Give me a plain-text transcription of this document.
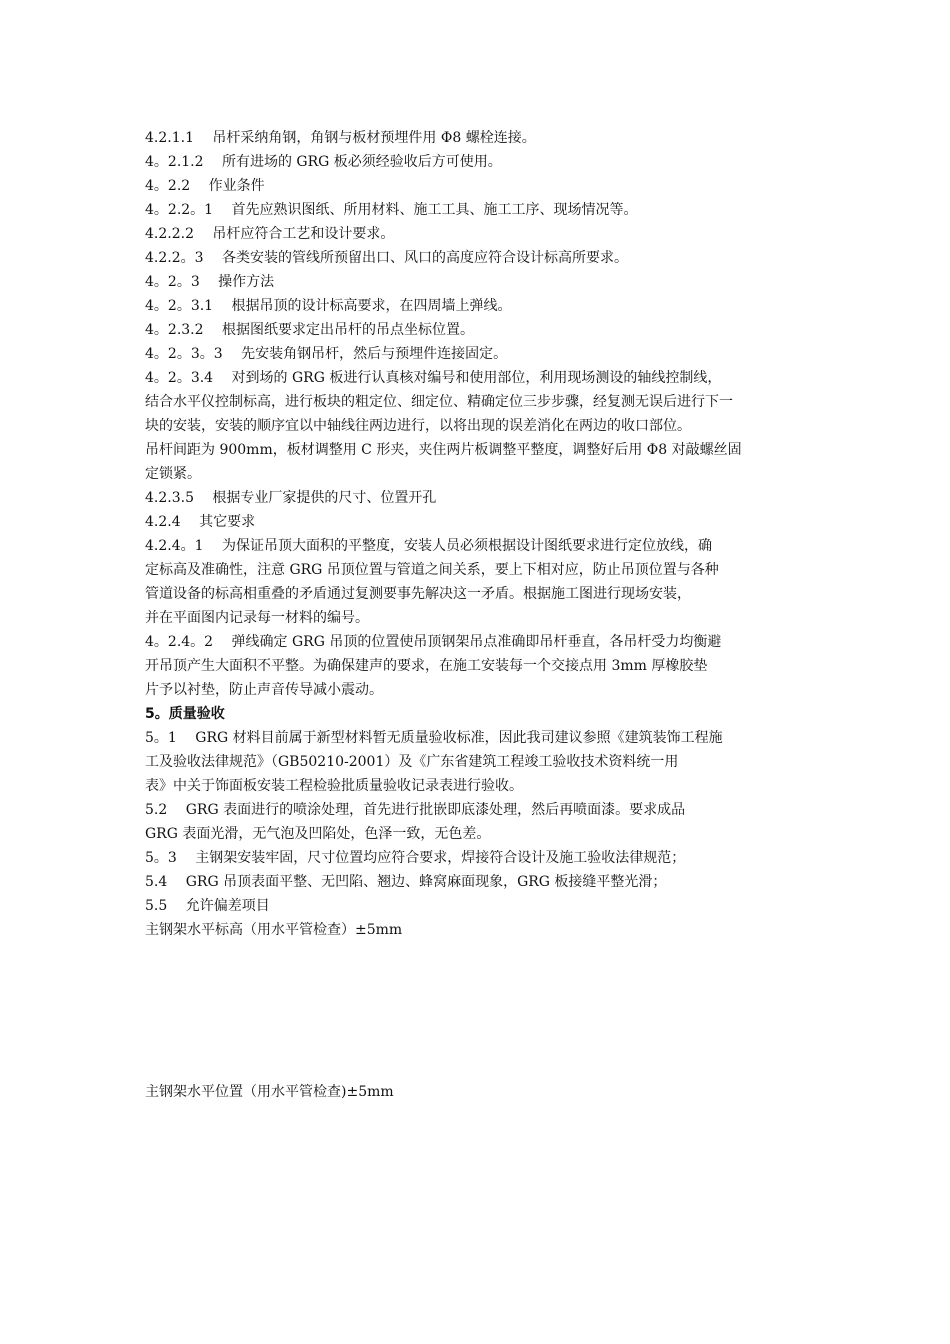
4.2.1.1　 吊杆采纳角钢，角钢与板材预埋件用 Φ8 螺栓连接。
4。2.1.2　 所有进场的 GRG 板必须经验收后方可使用。
4。2.2　 作业条件
4。2.2。1　 首先应熟识图纸、所用材料、施工工具、施工工序、现场情况等。
4.2.2.2　 吊杆应符合工艺和设计要求。
4.2.2。3　 各类安装的管线所预留出口、风口的高度应符合设计标高所要求。
4。2。3　 操作方法
4。2。3.1　 根据吊顶的设计标高要求，在四周墙上弹线。
4。2.3.2　 根据图纸要求定出吊杆的吊点坐标位置。
4。2。3。3　 先安装角钢吊杆，然后与预埋件连接固定。
4。2。3.4　 对到场的 GRG 板进行认真核对编号和使用部位，利用现场测设的轴线控制线，
结合水平仪控制标高，进行板块的粗定位、细定位、精确定位三步步骤，经复测无误后进行下一
块的安装，安装的顺序宜以中轴线往两边进行，以将出现的误差消化在两边的收口部位。
吊杆间距为 900mm，板材调整用 C 形夹，夹住两片板调整平整度，调整好后用 Φ8 对敲螺丝固
定锁紧。
4.2.3.5　 根据专业厂家提供的尺寸、位置开孔
4.2.4　 其它要求
4.2.4。1　 为保证吊顶大面积的平整度，安装人员必须根据设计图纸要求进行定位放线，确
定标高及准确性，注意 GRG 吊顶位置与管道之间关系，要上下相对应，防止吊顶位置与各种
管道设备的标高相重叠的矛盾通过复测要事先解决这一矛盾。根据施工图进行现场安装，
并在平面图内记录每一材料的编号。
4。2.4。2　 弹线确定 GRG 吊顶的位置使吊顶钢架吊点准确即吊杆垂直，各吊杆受力均衡避
开吊顶产生大面积不平整。为确保建声的要求，在施工安装每一个交接点用 3mm 厚橡胶垫
片予以衬垫，防止声音传导减小震动。
5。质量验收
5。1　 GRG 材料目前属于新型材料暂无质量验收标准，因此我司建议参照《建筑装饰工程施
工及验收法律规范》（GB50210-2001）及《广东省建筑工程竣工验收技术资料统一用
表》中关于饰面板安装工程检验批质量验收记录表进行验收。
5.2　 GRG 表面进行的喷涂处理，首先进行批嵌即底漆处理，然后再喷面漆。要求成品
GRG 表面光滑，无气泡及凹陷处，色泽一致，无色差。
5。3　 主钢架安装牢固，尺寸位置均应符合要求，焊接符合设计及施工验收法律规范；
5.4　 GRG 吊顶表面平整、无凹陷、翘边、蜂窝麻面现象，GRG 板接缝平整光滑；
5.5　 允许偏差项目
主钢架水平标高（用水平管检查）±5mm
主钢架水平位置（用水平管检查)±5mm
